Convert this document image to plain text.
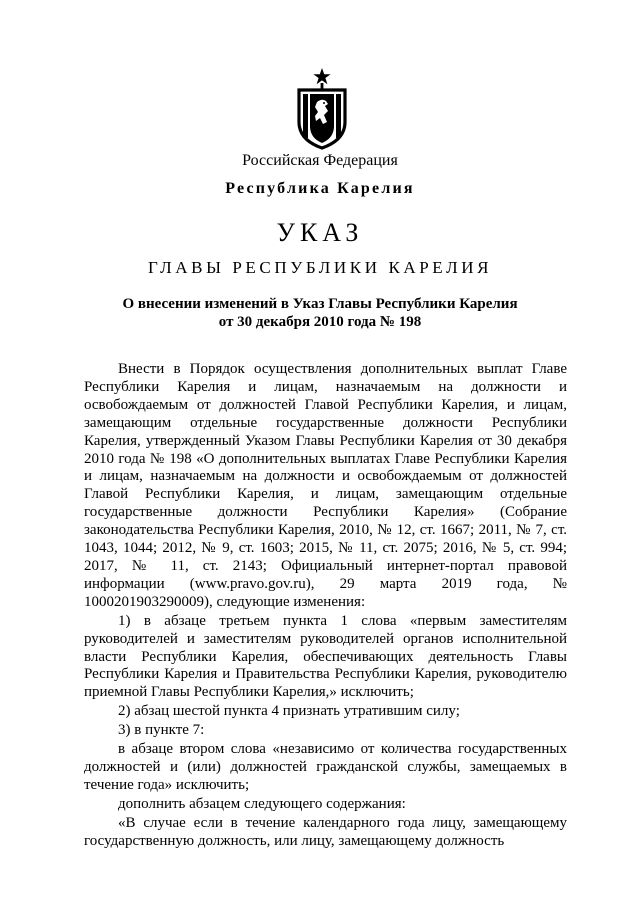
Российская Федерация
Республика Карелия
УКАЗ
ГЛАВЫ РЕСПУБЛИКИ КАРЕЛИЯ
О внесении изменений в Указ Главы Республики Карелия
от 30 декабря 2010 года № 198

Внести в Порядок осуществления дополнительных выплат Главе Республики Карелия и лицам, назначаемым на должности и освобождаемым от должностей Главой Республики Карелия, и лицам, замещающим отдельные государственные должности Республики Карелия, утвержденный Указом Главы Республики Карелия от 30 декабря 2010 года № 198 «О дополнительных выплатах Главе Республики Карелия и лицам, назначаемым на должности и освобождаемым от должностей Главой Республики Карелия, и лицам, замещающим отдельные государственные должности Республики Карелия» (Собрание законодательства Республики Карелия, 2010, № 12, ст. 1667; 2011, № 7, ст. 1043, 1044; 2012, № 9, ст. 1603; 2015, № 11, ст. 2075; 2016, № 5, ст. 994; 2017, № 11, ст. 2143; Официальный интернет-портал правовой информации (www.pravo.gov.ru), 29 марта 2019 года, № 1000201903290009), следующие изменения:

1) в абзаце третьем пункта 1 слова «первым заместителям руководителей и заместителям руководителей органов исполнительной власти Республики Карелия, обеспечивающих деятельность Главы Республики Карелия и Правительства Республики Карелия, руководителю приемной Главы Республики Карелия,» исключить;

2) абзац шестой пункта 4 признать утратившим силу;

3) в пункте 7:

в абзаце втором слова «независимо от количества государственных должностей и (или) должностей гражданской службы, замещаемых в течение года» исключить;

дополнить абзацем следующего содержания:

«В случае если в течение календарного года лицу, замещающему государственную должность, или лицу, замещающему должность
